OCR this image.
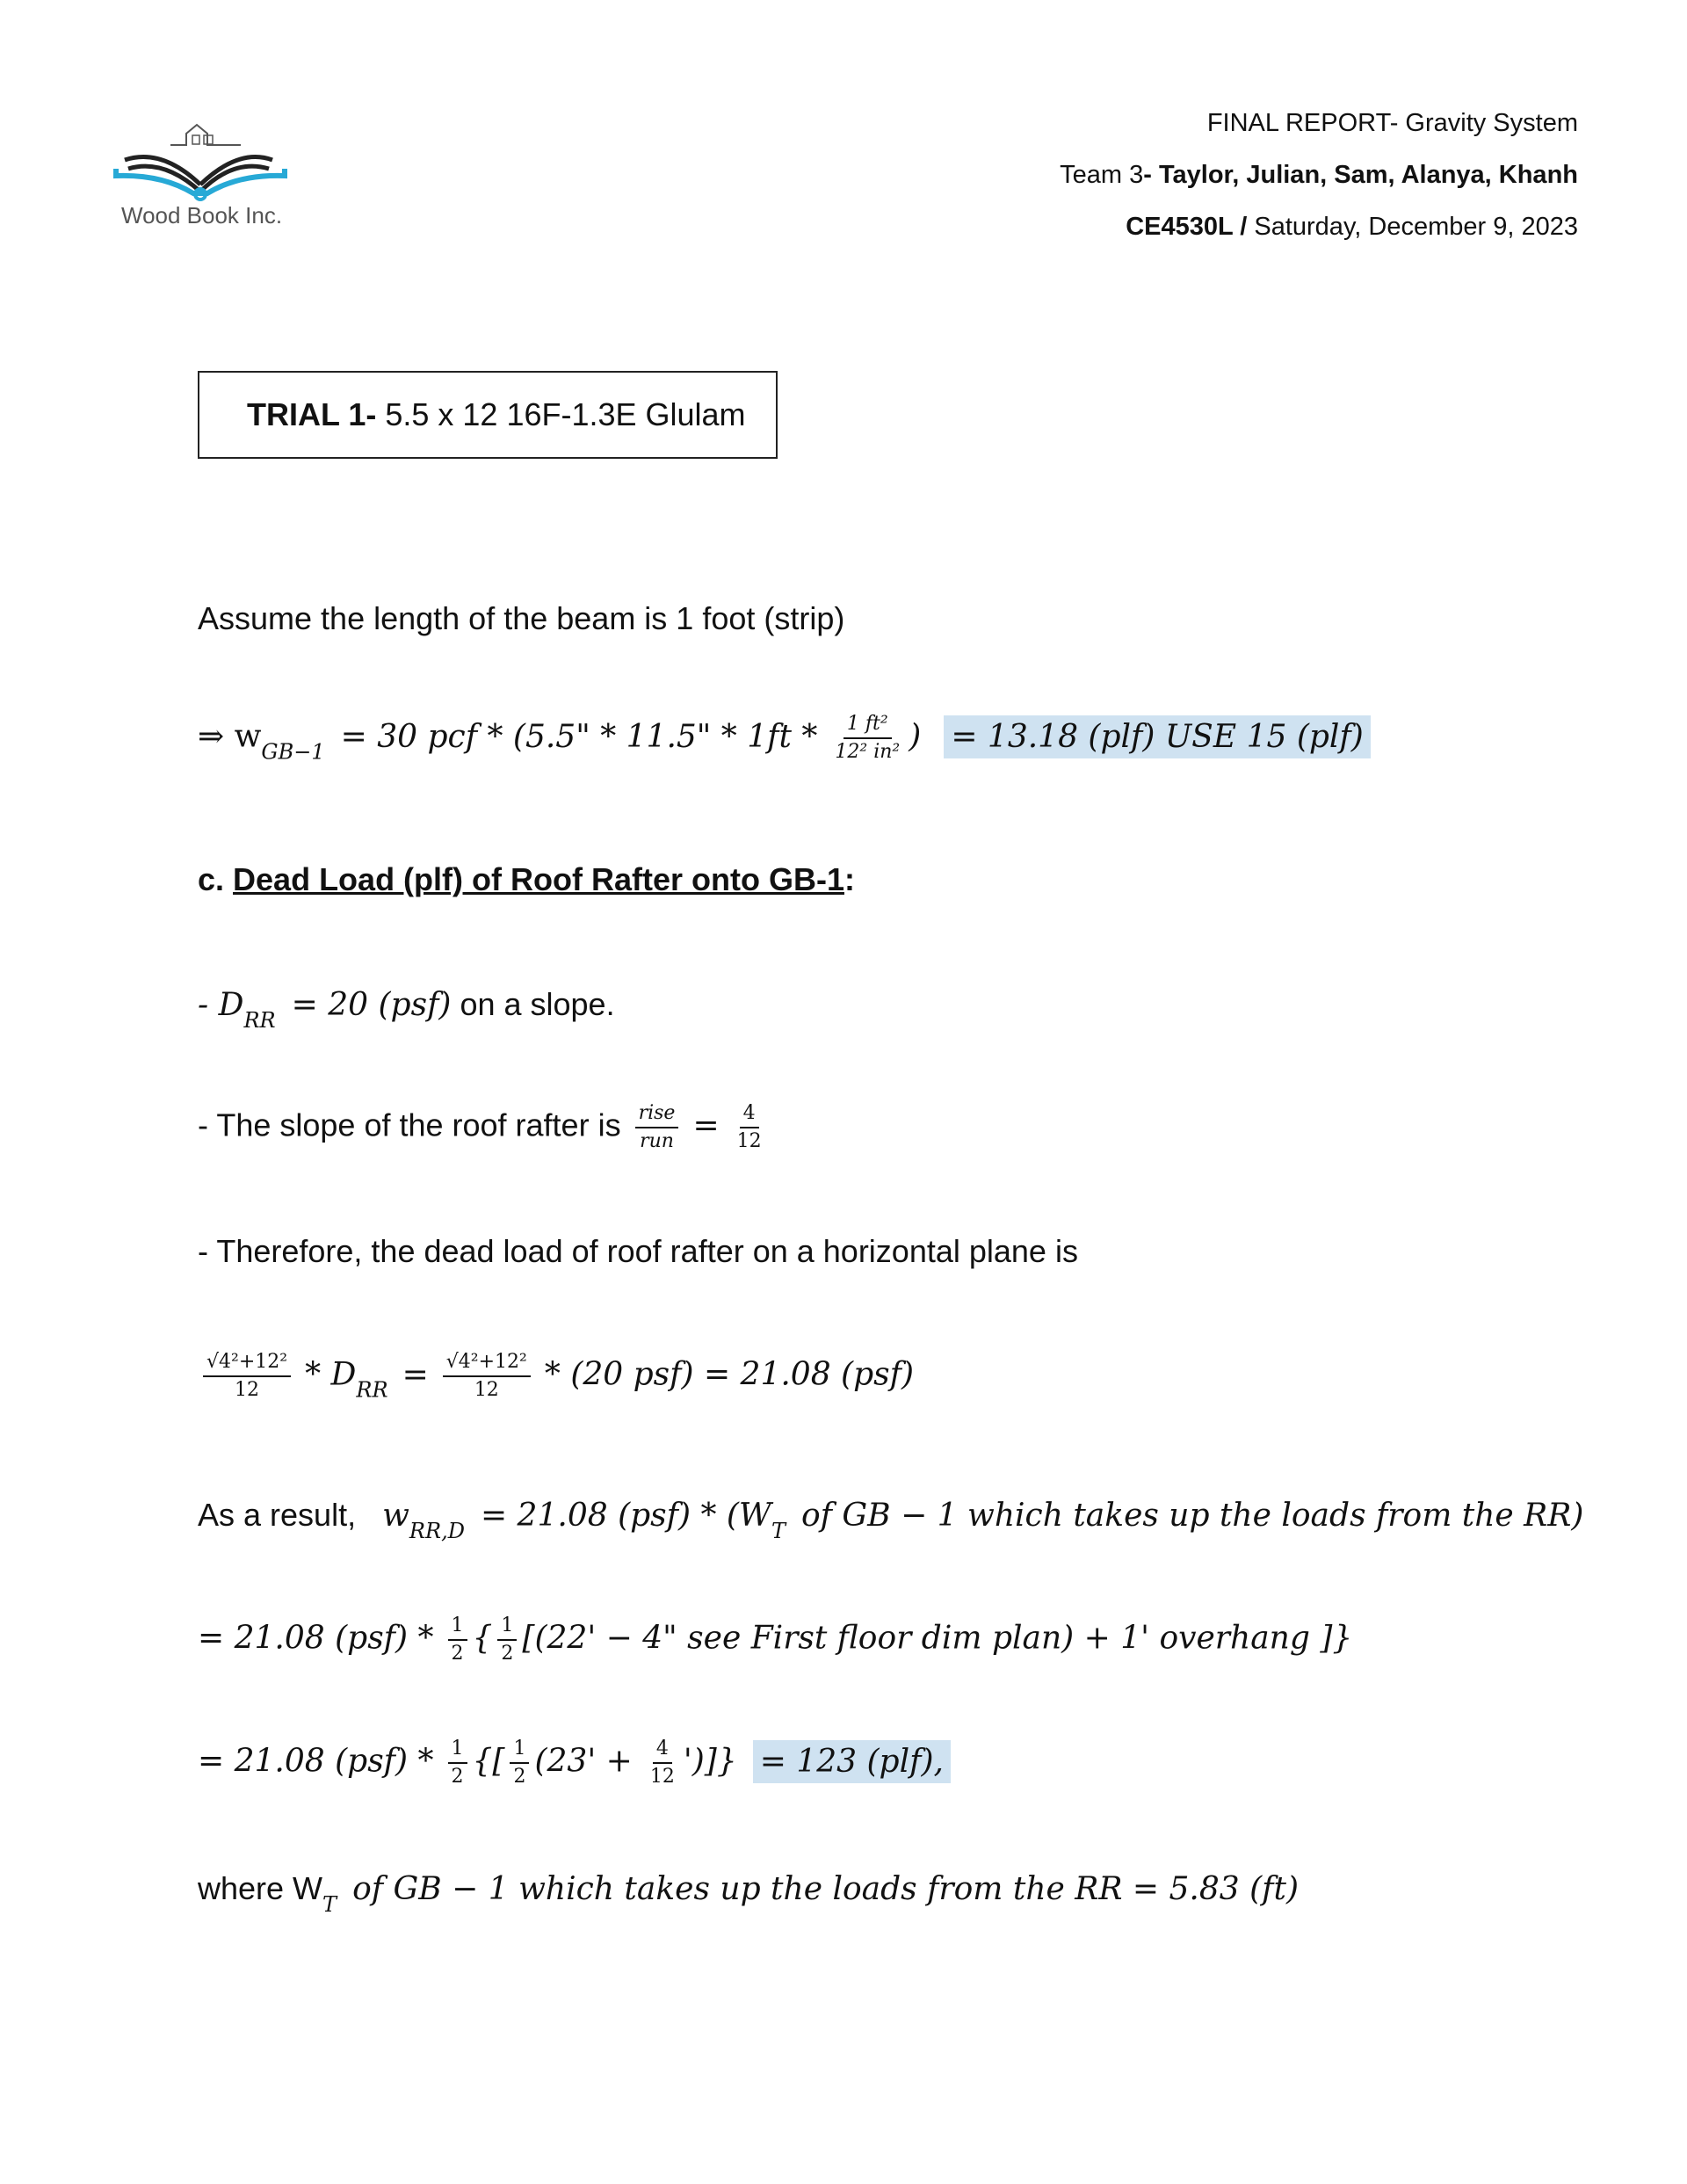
Wood Book Inc.
FINAL REPORT- Gravity System
Team 3- Taylor, Julian, Sam, Alanya, Khanh
CE4530L / Saturday, December 9, 2023
TRIAL 1- 5.5 x 12 16F-1.3E Glulam
Assume the length of the beam is 1 foot (strip)
⇒ $w_{GB-1} = 30$ pcf * (5.5" * 11.5" * $1ft * \frac{\text{1 ft²}}{\text{12² in²}}$ ) = 13.18 (plf) USE 15 (plf)
c. Dead Load (plf) of Roof Rafter onto GB-1:
- $D_{RR} = 20$ (psf) on a slope.
- The slope of the roof rafter is $\frac{\text{rise}}{\text{run}} = \frac{4}{12}$
- Therefore, the dead load of roof rafter on a horizontal plane is
$\frac{\text{√4²+12²}}{12} * D_{RR} = \frac{\text{√4²+12²}}{12} * (20$ psf) = 21.08 (psf)
As a result, $w_{RR,D} = 21.08$ $(psf) * (W_T$ of GB − 1 which takes up the loads from the RR)
= 21.08 $(psf) * \frac{1}{2}$ { $\frac{1}{2} [(22' - 4$" see First floor dim plan) + 1' overhang ]}
= 21.08 $(psf) * \frac{1}{2}$ {[ $\frac{1}{2} (23' + \frac{4}{12}$ ')]} = 123 (plf),
where $W_T$ of GB − 1 which takes up the loads from the RR = 5.83 (ft)
